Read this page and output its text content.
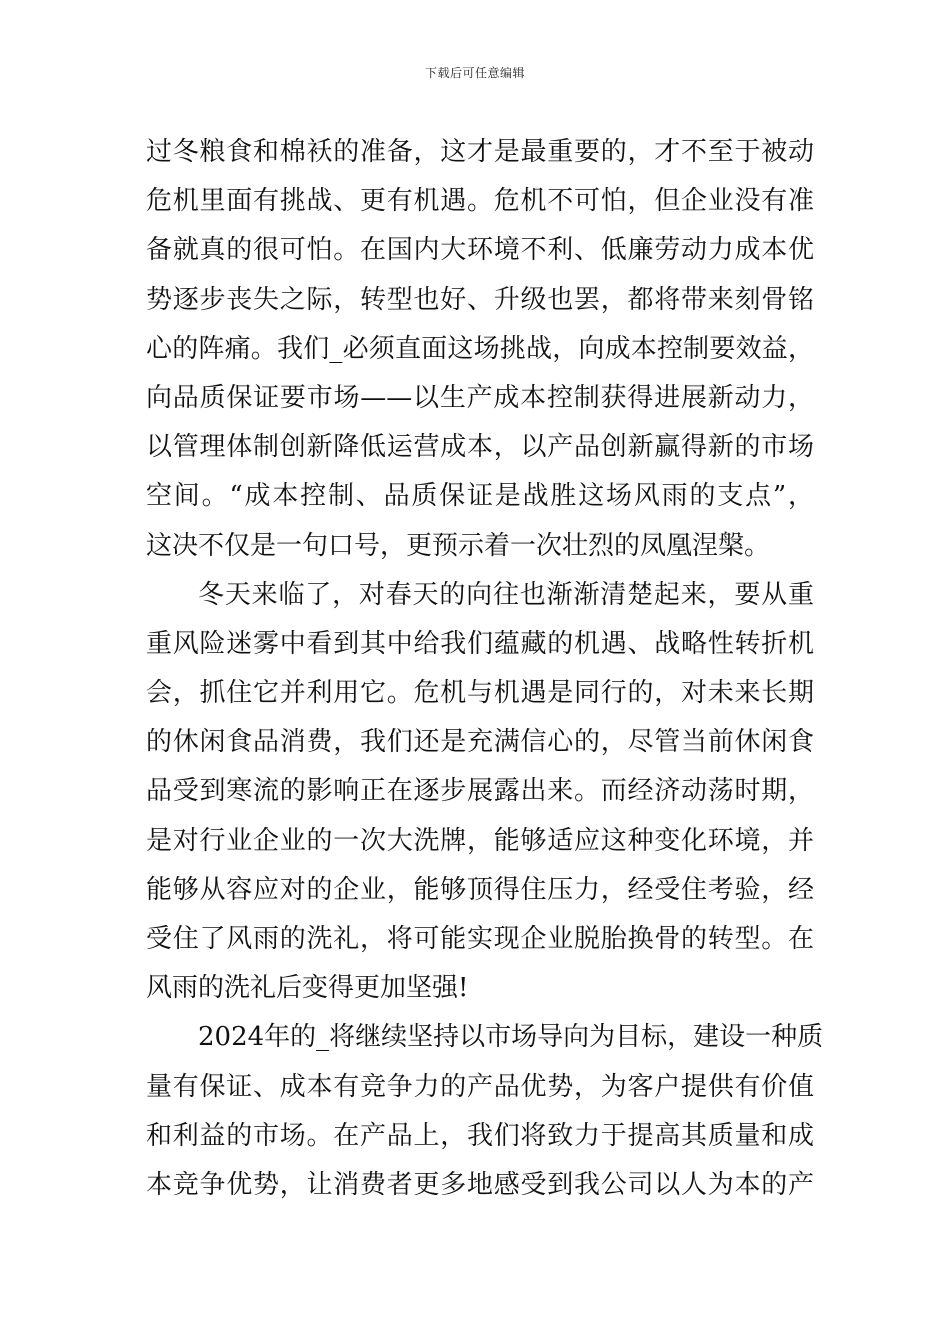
下载后可任意编辑
过冬粮食和棉袄的准备，这才是最重要的，才不至于被动
危机里面有挑战、更有机遇。危机不可怕，但企业没有准
备就真的很可怕。在国内大环境不利、低廉劳动力成本优
势逐步丧失之际，转型也好、升级也罢，都将带来刻骨铭
心的阵痛。我们_必须直面这场挑战，向成本控制要效益，
向品质保证要市场——以生产成本控制获得进展新动力，
以管理体制创新降低运营成本，以产品创新赢得新的市场
空间。“成本控制、品质保证是战胜这场风雨的支点”，
这决不仅是一句口号，更预示着一次壮烈的凤凰涅槃。
冬天来临了，对春天的向往也渐渐清楚起来，要从重
重风险迷雾中看到其中给我们蕴藏的机遇、战略性转折机
会，抓住它并利用它。危机与机遇是同行的，对未来长期
的休闲食品消费，我们还是充满信心的，尽管当前休闲食
品受到寒流的影响正在逐步展露出来。而经济动荡时期，
是对行业企业的一次大洗牌，能够适应这种变化环境，并
能够从容应对的企业，能够顶得住压力，经受住考验，经
受住了风雨的洗礼，将可能实现企业脱胎换骨的转型。在
风雨的洗礼后变得更加坚强!
2024年的_将继续坚持以市场导向为目标，建设一种质
量有保证、成本有竞争力的产品优势，为客户提供有价值
和利益的市场。在产品上，我们将致力于提高其质量和成
本竞争优势，让消费者更多地感受到我公司以人为本的产
